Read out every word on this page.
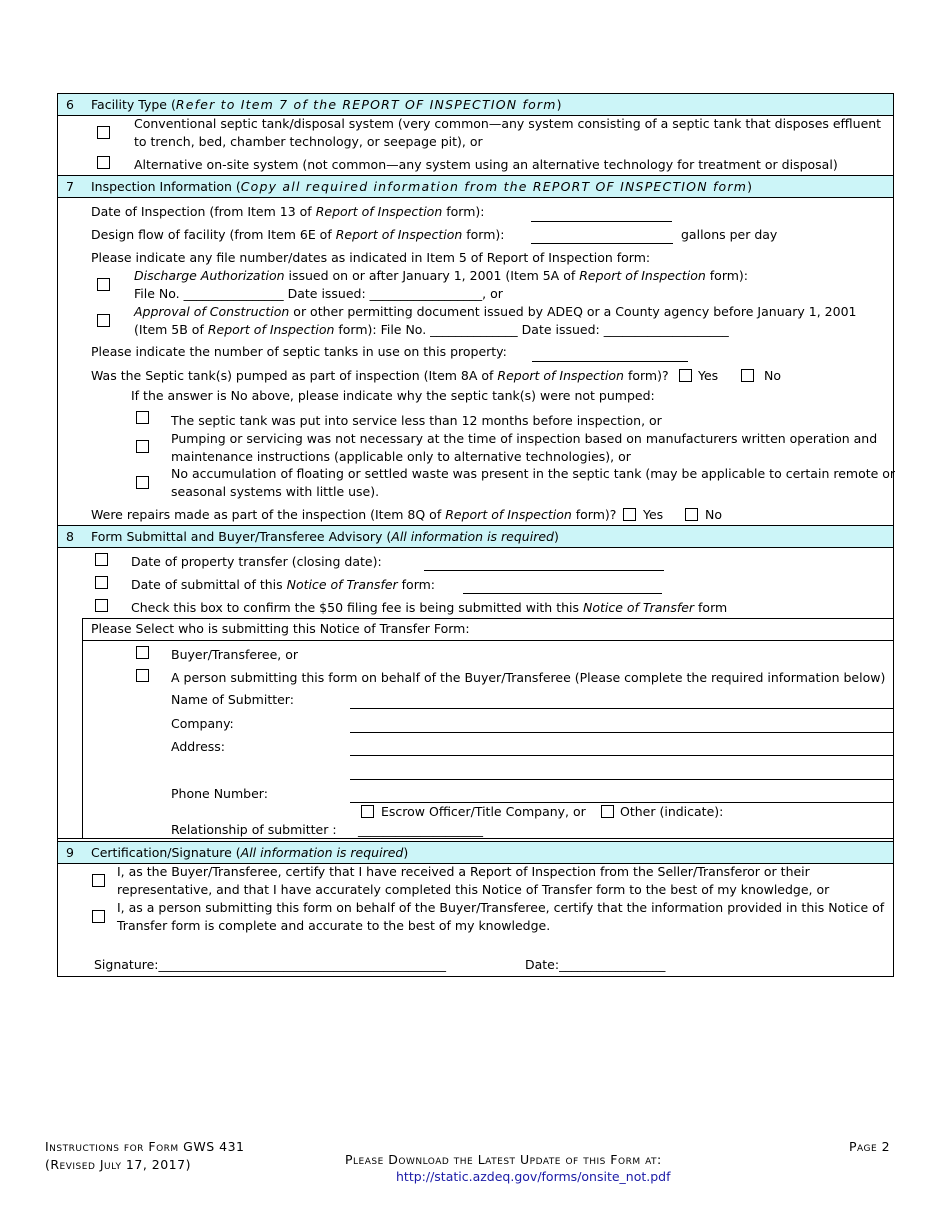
6 Facility Type (Refer to Item 7 of the REPORT OF INSPECTION form)
Conventional septic tank/disposal system (very common—any system consisting of a septic tank that disposes effluent
to trench, bed, chamber technology, or seepage pit), or
Alternative on-site system (not common—any system using an alternative technology for treatment or disposal)
7 Inspection Information (Copy all required information from the REPORT OF INSPECTION form)
Date of Inspection (from Item 13 of Report of Inspection form):
Design flow of facility (from Item 6E of Report of Inspection form):	gallons per day
Please indicate any file number/dates as indicated in Item 5 of Report of Inspection form:
Discharge Authorization issued on or after January 1, 2001 (Item 5A of Report of Inspection form):
File No. ________________ Date issued: __________________, or
Approval of Construction or other permitting document issued by ADEQ or a County agency before January 1, 2001
(Item 5B of Report of Inspection form): File No. ______________ Date issued: ____________________
Please indicate the number of septic tanks in use on this property:
Was the Septic tank(s) pumped as part of inspection (Item 8A of Report of Inspection form)? Yes	No
If the answer is No above, please indicate why the septic tank(s) were not pumped:
The septic tank was put into service less than 12 months before inspection, or
Pumping or servicing was not necessary at the time of inspection based on manufacturers written operation and
maintenance instructions (applicable only to alternative technologies), or
No accumulation of floating or settled waste was present in the septic tank (may be applicable to certain remote or
seasonal systems with little use).
Were repairs made as part of the inspection (Item 8Q of Report of Inspection form)? Yes	No
8 Form Submittal and Buyer/Transferee Advisory (All information is required)
Date of property transfer (closing date):
Date of submittal of this Notice of Transfer form:
Check this box to confirm the $50 filing fee is being submitted with this Notice of Transfer form
Please Select who is submitting this Notice of Transfer Form:
Buyer/Transferee, or
A person submitting this form on behalf of the Buyer/Transferee (Please complete the required information below)
Name of Submitter:
Company:
Address:
Phone Number:
Escrow Officer/Title Company, or	Other (indicate):
Relationship of submitter : ____________________
9 Certification/Signature (All information is required)
I, as the Buyer/Transferee, certify that I have received a Report of Inspection from the Seller/Transferor or their
representative, and that I have accurately completed this Notice of Transfer form to the best of my knowledge, or
I, as a person submitting this form on behalf of the Buyer/Transferee, certify that the information provided in this Notice of
Transfer form is complete and accurate to the best of my knowledge.
Signature:______________________________________________	Date:_________________
Instructions for Form GWS 431
(Revised July 17, 2017)	Please Download the Latest Update of this Form at:
http://static.azdeq.gov/forms/onsite_not.pdf
Page 2
